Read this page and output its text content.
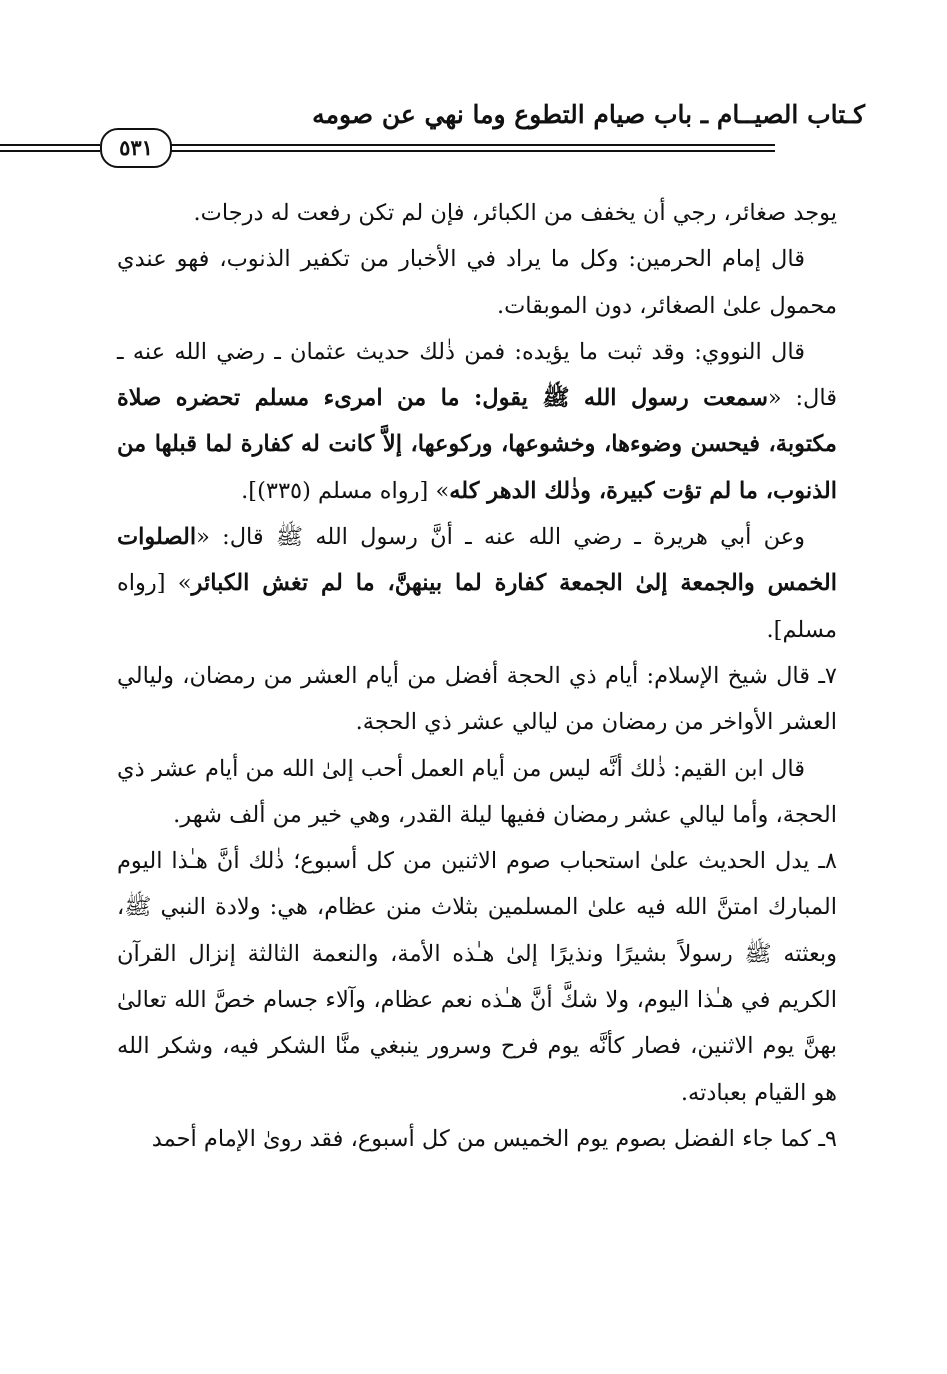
كـتاب الصيــام ـ باب صيام التطوع وما نهي عن صومه
٥٣١

يوجد صغائر، رجي أن يخفف من الكبائر، فإن لم تكن رفعت له درجات.

قال إمام الحرمين: وكل ما يراد في الأخبار من تكفير الذنوب، فهو عندي محمول علىٰ الصغائر، دون الموبقات.

قال النووي: وقد ثبت ما يؤيده: فمن ذٰلك حديث عثمان ـ رضي الله عنه ـ قال: «سمعت رسول الله ﷺ يقول: ما من امرىء مسلم تحضره صلاة مكتوبة، فيحسن وضوءها، وخشوعها، وركوعها، إلاَّ كانت له كفارة لما قبلها من الذنوب، ما لم تؤت كبيرة، وذٰلك الدهر كله» [رواه مسلم (٣٣٥)].

وعن أبي هريرة ـ رضي الله عنه ـ أنَّ رسول الله ﷺ قال: «الصلوات الخمس والجمعة إلىٰ الجمعة كفارة لما بينهنَّ، ما لم تغش الكبائر» [رواه مسلم].

٧ـ قال شيخ الإسلام: أيام ذي الحجة أفضل من أيام العشر من رمضان، وليالي العشر الأواخر من رمضان من ليالي عشر ذي الحجة.

قال ابن القيم: ذٰلك أنَّه ليس من أيام العمل أحب إلىٰ الله من أيام عشر ذي الحجة، وأما ليالي عشر رمضان ففيها ليلة القدر، وهي خير من ألف شهر.

٨ـ يدل الحديث علىٰ استحباب صوم الاثنين من كل أسبوع؛ ذٰلك أنَّ هـٰذا اليوم المبارك امتنَّ الله فيه علىٰ المسلمين بثلاث منن عظام، هي: ولادة النبي ﷺ، وبعثته ﷺ رسولاً بشيرًا ونذيرًا إلىٰ هـٰذه الأمة، والنعمة الثالثة إنزال القرآن الكريم في هـٰذا اليوم، ولا شكَّ أنَّ هـٰذه نعم عظام، وآلاء جسام خصَّ الله تعالىٰ بهنَّ يوم الاثنين، فصار كأنَّه يوم فرح وسرور ينبغي منَّا الشكر فيه، وشكر الله هو القيام بعبادته.

٩ـ كما جاء الفضل بصوم يوم الخميس من كل أسبوع، فقد رویٰ الإمام أحمد
